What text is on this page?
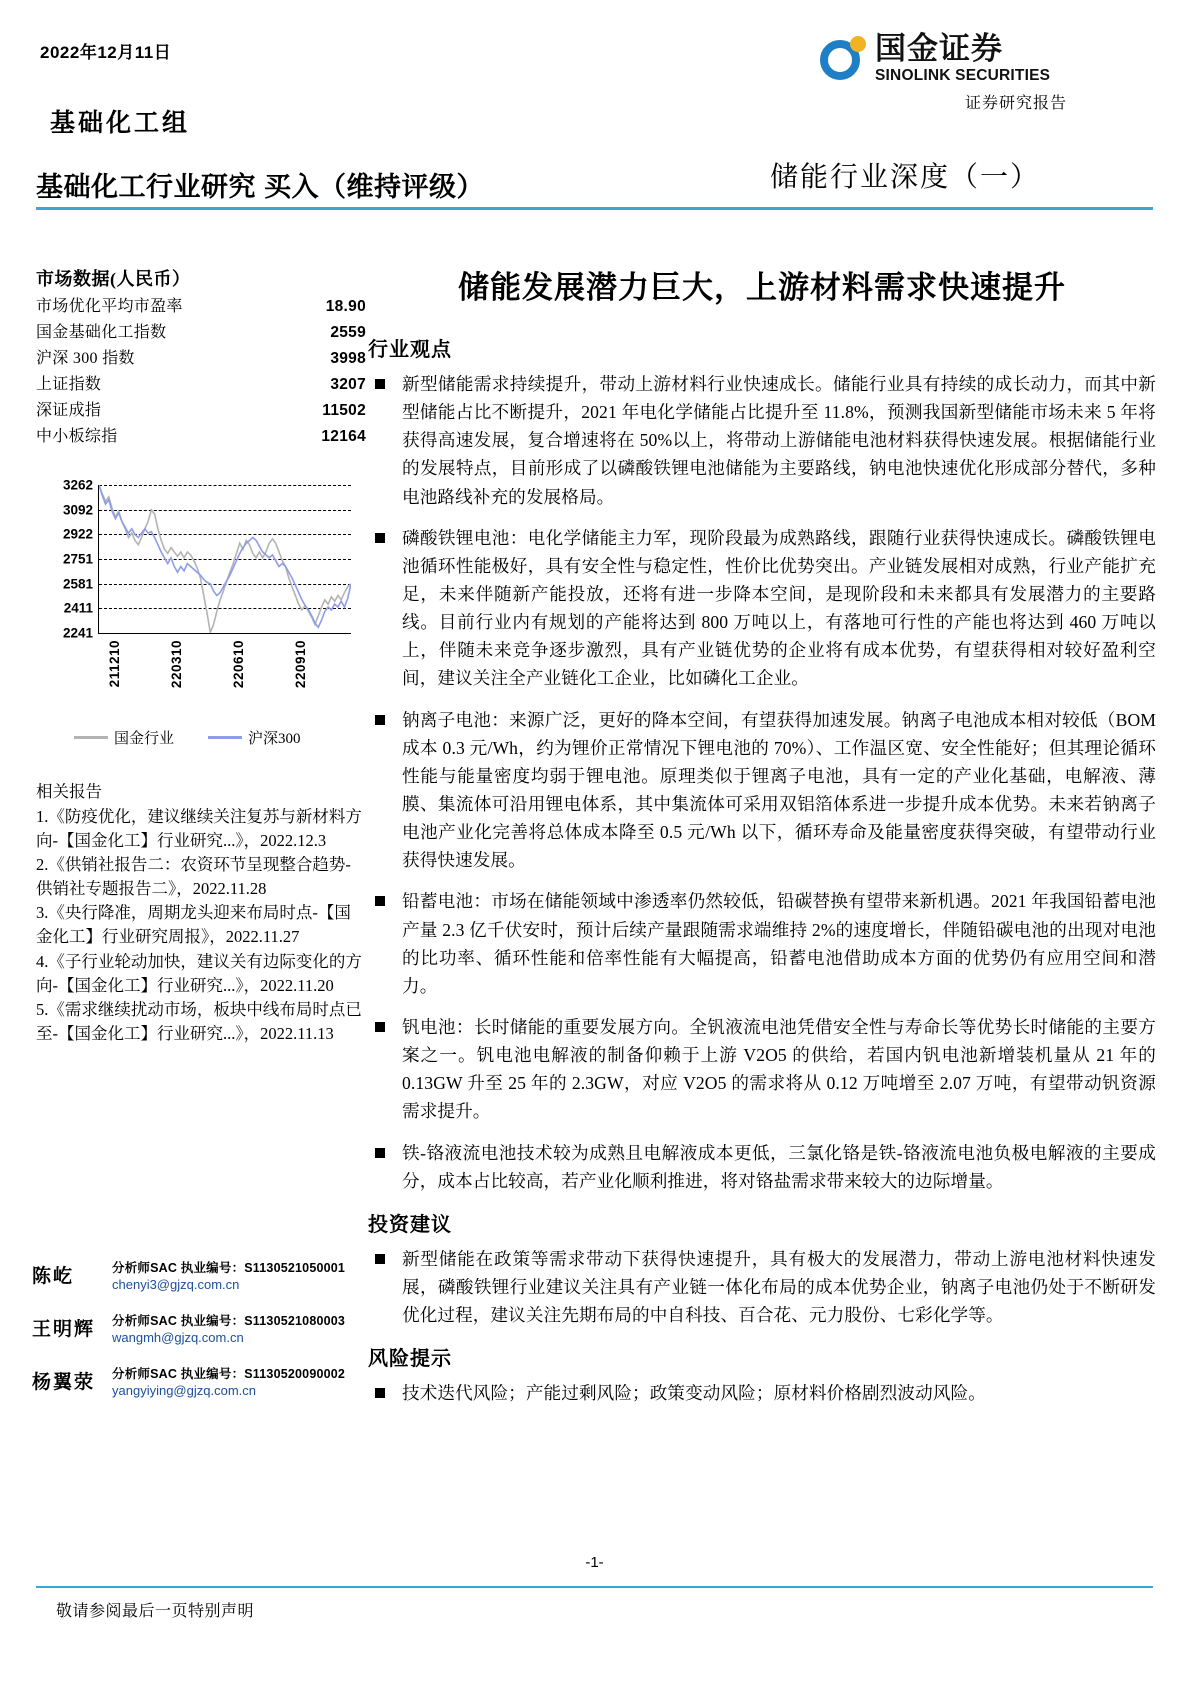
2022年12月11日
基础化工组
基础化工行业研究 买入（维持评级）
国金证券
SINOLINK SECURITIES
证券研究报告
储能行业深度（一）
市场数据(人民币）
市场优化平均市盈率	18.90
国金基础化工指数	2559
沪深 300 指数	3998
上证指数	3207
深证成指	11502
中小板综指	12164
3262
3092
2922
2751
2581
2411
2241
211210	220310	220610	220910
国金行业	沪深300
相关报告
1.《防疫优化，建议继续关注复苏与新材料方向-【国金化工】行业研究...》，2022.12.3
2.《供销社报告二：农资环节呈现整合趋势-供销社专题报告二》，2022.11.28
3.《央行降准，周期龙头迎来布局时点-【国金化工】行业研究周报》，2022.11.27
4.《子行业轮动加快，建议关有边际变化的方向-【国金化工】行业研究...》，2022.11.20
5.《需求继续扰动市场，板块中线布局时点已至-【国金化工】行业研究...》，2022.11.13
陈屹	分析师SAC 执业编号：S1130521050001
chenyi3@gjzq.com.cn
王明辉	分析师SAC 执业编号：S1130521080003
wangmh@gjzq.com.cn
杨翼荥	分析师SAC 执业编号：S1130520090002
yangyiying@gjzq.com.cn
储能发展潜力巨大，上游材料需求快速提升
行业观点
新型储能需求持续提升，带动上游材料行业快速成长。储能行业具有持续的成长动力，而其中新型储能占比不断提升，2021 年电化学储能占比提升至 11.8%，预测我国新型储能市场未来 5 年将获得高速发展，复合增速将在 50%以上，将带动上游储能电池材料获得快速发展。根据储能行业的发展特点，目前形成了以磷酸铁锂电池储能为主要路线，钠电池快速优化形成部分替代，多种电池路线补充的发展格局。
磷酸铁锂电池：电化学储能主力军，现阶段最为成熟路线，跟随行业获得快速成长。磷酸铁锂电池循环性能极好，具有安全性与稳定性，性价比优势突出。产业链发展相对成熟，行业产能扩充足，未来伴随新产能投放，还将有进一步降本空间，是现阶段和未来都具有发展潜力的主要路线。目前行业内有规划的产能将达到 800 万吨以上，有落地可行性的产能也将达到 460 万吨以上，伴随未来竞争逐步激烈，具有产业链优势的企业将有成本优势，有望获得相对较好盈利空间，建议关注全产业链化工企业，比如磷化工企业。
钠离子电池：来源广泛，更好的降本空间，有望获得加速发展。钠离子电池成本相对较低（BOM 成本 0.3 元/Wh，约为锂价正常情况下锂电池的 70%）、工作温区宽、安全性能好；但其理论循环性能与能量密度均弱于锂电池。原理类似于锂离子电池，具有一定的产业化基础，电解液、薄膜、集流体可沿用锂电体系，其中集流体可采用双铝箔体系进一步提升成本优势。未来若钠离子电池产业化完善将总体成本降至 0.5 元/Wh 以下，循环寿命及能量密度获得突破，有望带动行业获得快速发展。
铅蓄电池：市场在储能领域中渗透率仍然较低，铅碳替换有望带来新机遇。2021 年我国铅蓄电池产量 2.3 亿千伏安时，预计后续产量跟随需求端维持 2%的速度增长，伴随铅碳电池的出现对电池的比功率、循环性能和倍率性能有大幅提高，铅蓄电池借助成本方面的优势仍有应用空间和潜力。
钒电池：长时储能的重要发展方向。全钒液流电池凭借安全性与寿命长等优势长时储能的主要方案之一。钒电池电解液的制备仰赖于上游 V2O5 的供给，若国内钒电池新增装机量从 21 年的 0.13GW 升至 25 年的 2.3GW，对应 V2O5 的需求将从 0.12 万吨增至 2.07 万吨，有望带动钒资源需求提升。
铁-铬液流电池技术较为成熟且电解液成本更低，三氯化铬是铁-铬液流电池负极电解液的主要成分，成本占比较高，若产业化顺利推进，将对铬盐需求带来较大的边际增量。
投资建议
新型储能在政策等需求带动下获得快速提升，具有极大的发展潜力，带动上游电池材料快速发展，磷酸铁锂行业建议关注具有产业链一体化布局的成本优势企业，钠离子电池仍处于不断研发优化过程，建议关注先期布局的中自科技、百合花、元力股份、七彩化学等。
风险提示
技术迭代风险；产能过剩风险；政策变动风险；原材料价格剧烈波动风险。
-1-
敬请参阅最后一页特别声明
